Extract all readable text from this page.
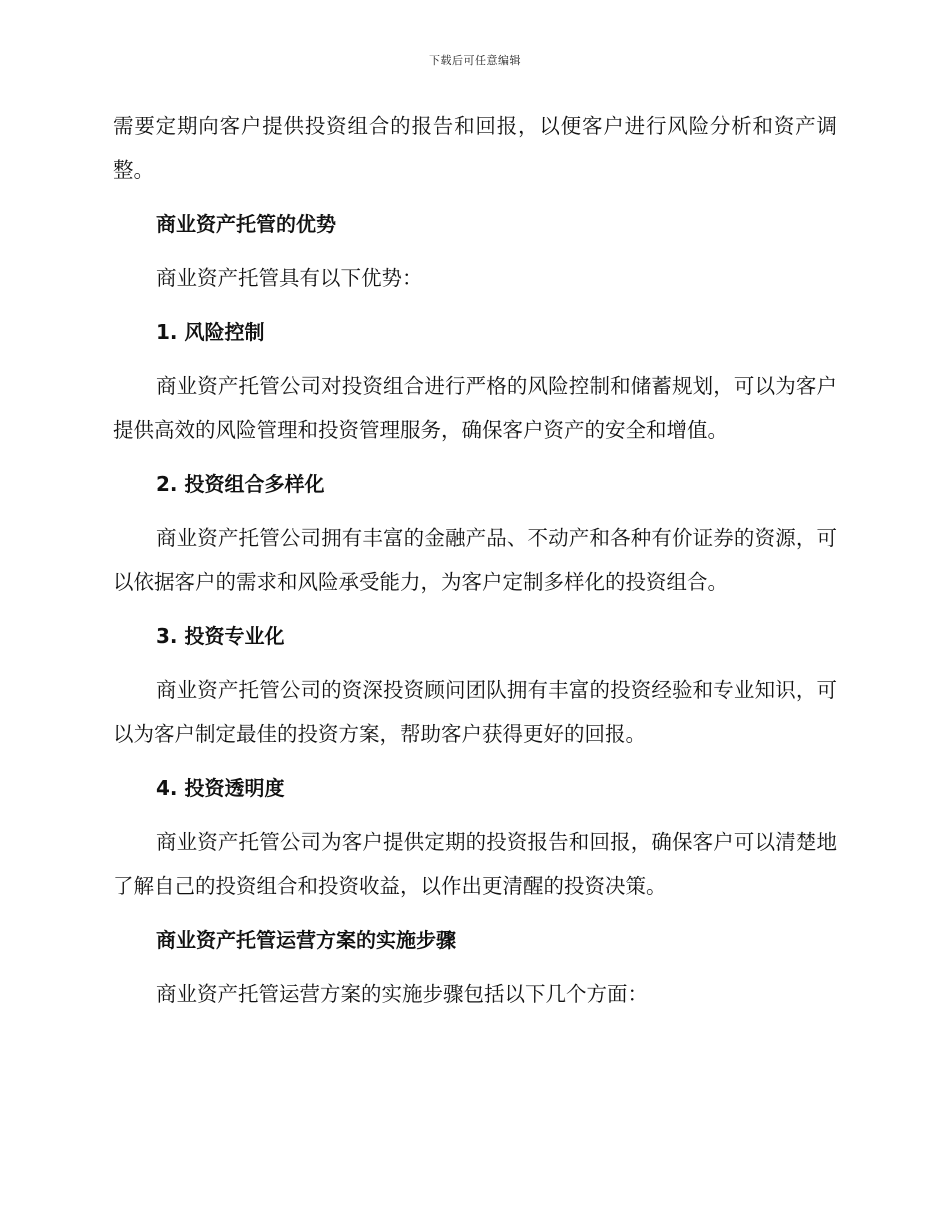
下载后可任意编辑

需要定期向客户提供投资组合的报告和回报，以便客户进行风险分析和资产调整。

商业资产托管的优势

商业资产托管具有以下优势：

1. 风险控制

商业资产托管公司对投资组合进行严格的风险控制和储蓄规划，可以为客户提供高效的风险管理和投资管理服务，确保客户资产的安全和增值。

2. 投资组合多样化

商业资产托管公司拥有丰富的金融产品、不动产和各种有价证券的资源，可以依据客户的需求和风险承受能力，为客户定制多样化的投资组合。

3. 投资专业化

商业资产托管公司的资深投资顾问团队拥有丰富的投资经验和专业知识，可以为客户制定最佳的投资方案，帮助客户获得更好的回报。

4. 投资透明度

商业资产托管公司为客户提供定期的投资报告和回报，确保客户可以清楚地了解自己的投资组合和投资收益，以作出更清醒的投资决策。

商业资产托管运营方案的实施步骤

商业资产托管运营方案的实施步骤包括以下几个方面：
